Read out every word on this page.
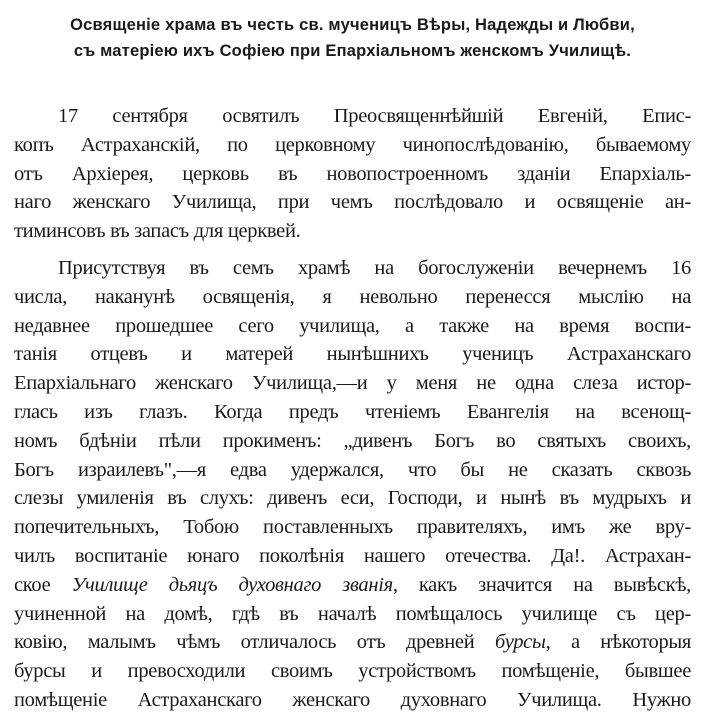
Освященіе храма въ честь св. мученицъ Вѣры, Надежды и Любви,
съ матерiею ихъ Софiею при Епархiальномъ женскомъ Училищѣ.
17 сентября освятилъ Преосвященнѣйшiй Евгенiй, Епис-
копъ Астраханскiй, по церковному чинопослѣдованiю, бываемому
отъ Архiерея, церковь въ новопостроенномъ зданiи Епархiаль-
наго женскаго Училища, при чемъ послѣдовало и освященiе ан-
тиминсовъ въ запасъ для церквей.
Присутствуя въ семъ храмѣ на богослуженiи вечернемъ 16
числа, наканунѣ освященiя, я невольно перенесся мыслiю на
недавнее прошедшее сего училища, а также на время воспи-
танiя отцевъ и матерей нынѣшнихъ ученицъ Астраханскаго
Епархiальнаго женскаго Училища,—и у меня не одна слеза истор-
глась изъ глазъ. Когда предъ чтенiемъ Евангелiя на всенощ-
номъ бдѣнiи пѣли прокименъ: „дивенъ Богъ во святыхъ своихъ,
Богъ израилевъ",—я едва удержался, что бы не сказать сквозь
слезы умиленiя въ слухъ: дивенъ еси, Господи, и нынѣ въ мудрыхъ и
попечительныхъ, Тобою поставленныхъ правителяхъ, имъ же вру-
чилъ воспитанiе юнаго поколѣнiя нашего отечества. Да!. Астрахан-
ское Училище дьяцъ духовнаго званiя, какъ значится на вывѣскѣ,
учиненной на домѣ, гдѣ въ началѣ помѣщалось училище съ цер-
ковiю, малымъ чѣмъ отличалось отъ древней бурсы, а нѣкоторыя
бурсы и превосходили своимъ устройствомъ помѣщенiе, бывшее
помѣщенiе Астраханскаго женскаго духовнаго Училища. Нужно
